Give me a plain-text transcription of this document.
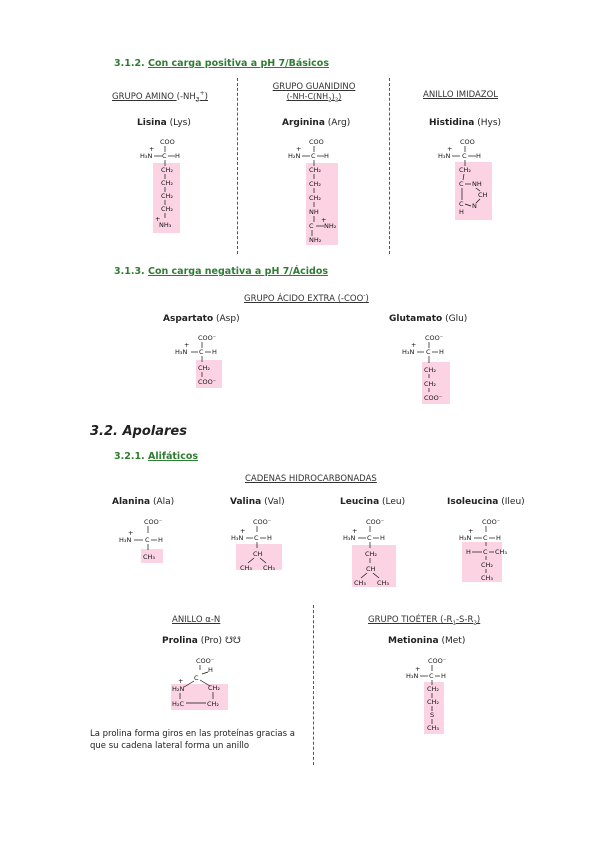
3.1.2. Con carga positiva a pH 7/Básicos
GRUPO AMINO $(-NH_3^+)$
Lisina (Lys)
COO
H₃N
+
C H
CH₂
CH₂
CH₂
CH₂
+
NH₃
GRUPO GUANIDINO
$(-NH-C(NH_2)_2)$
Arginina (Arg)
COO
H₂N
+
C H
CH₂
CH₂
CH₂
NH
C
+
NH₂
NH₂
ANILLO IMIDAZOL
Histidina (Hys)
COO
H₃N
+
C H
CH₂
C NH
CH
N
C
H
3.1.3. Con carga negativa a pH 7/Ácidos
GRUPO ÁCIDO EXTRA (-COO-)
Aspartato (Asp)
COO⁻
H₃N
+
C H
CH₂
COO⁻
Glutamato (Glu)
COO⁻
H₃N
+
C H
CH₂
CH₂
COO⁻
3.2. Apolares
3.2.1. Alifáticos
CADENAS HIDROCARBONADAS
Alanina (Ala)
COO⁻
H₃N
+
C H
CH₃
Valina (Val)
COO⁻
H₃N
+
C H
CH
CH₃ CH₃
Leucina (Leu)
COO⁻
H₃N
+
C H
CH₂
CH
CH₃ CH₃
Isoleucina (Ileu)
COO⁻
H₃N
+
C H
H C CH₃
CH₂
CH₃
ANILLO α-N
Prolina (Pro) ☋☋
COO⁻
H
C
H₂N
+
CH₂
H₂C	CH₂
La prolina forma giros en las proteínas gracias a que su cadena lateral forma un anillo
GRUPO TIOÉTER $(-R_1-S-R_2)$
Metionina (Met)
COO⁻
H₃N
+
C H
CH₂
CH₂
S
CH₃
